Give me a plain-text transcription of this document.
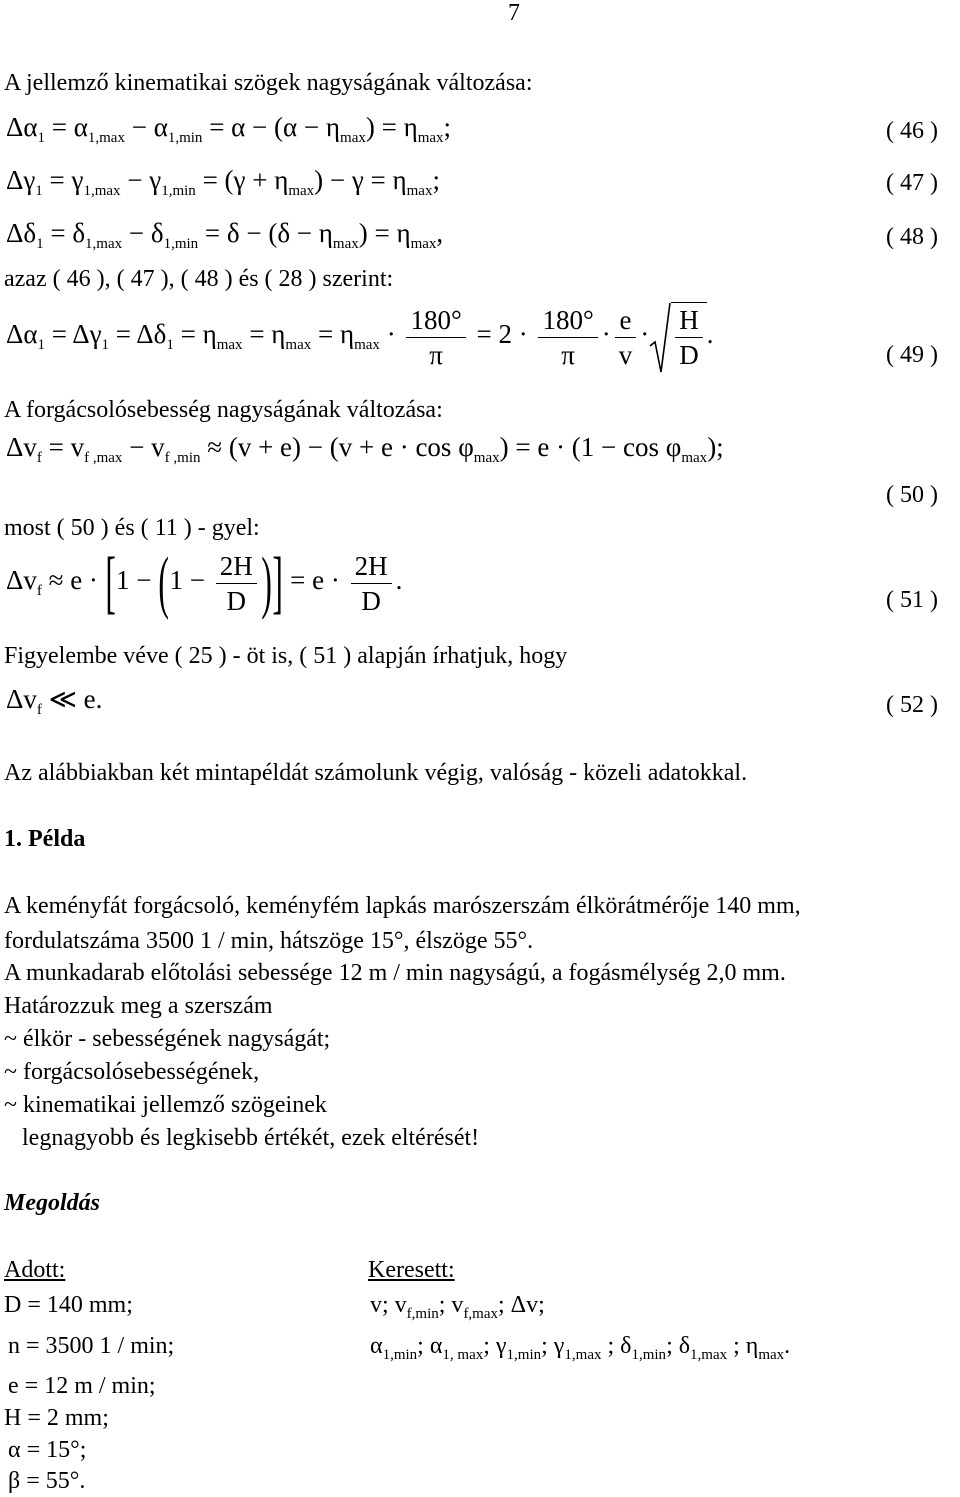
7
A jellemző kinematikai szögek nagyságának változása:
$\Delta\alpha_1 = \alpha_{1,max} - \alpha_{1,min} = \alpha - (\alpha - \eta_{max}) = \eta_{max}$;	( 46 )
$\Delta\gamma_1 = \gamma_{1,max} - \gamma_{1,min} = (\gamma + \eta_{max}) - \gamma = \eta_{max}$;	( 47 )
$\Delta\delta_1 = \delta_{1,max} - \delta_{1,min} = \delta - (\delta - \eta_{max}) = \eta_{max}$,	( 48 )
azaz ( 46 ), ( 47 ), ( 48 ) és ( 28 ) szerint:
$\Delta\alpha_1 = \Delta\gamma_1 = \Delta\delta_1 = \eta_{max} = \eta_{max} = \eta_{max} \cdot \frac{180^\circ}{\pi} = 2 \cdot \frac{180^\circ}{\pi} \cdot \frac{e}{v} \cdot \frac{H}{D}$ .
( 49 )
A forgácsolósebesség nagyságának változása:
$\Delta v_f = v_{f ,max} - v_{f ,min} \approx (v + e) - (v + e \cdot \cos \varphi_{max}) = e \cdot (1 - \cos \varphi_{max})$;
( 50 )
most ( 50 ) és ( 11 ) - gyel:
$\Delta v_f \approx e \cdot [1 - (1 - \frac{2H}{D}$ )] = $e \cdot \frac{2H}{D}$ .
( 51 )
Figyelembe véve ( 25 ) - öt is, ( 51 ) alapján írhatjuk, hogy
$\Delta v_f$ ≪ e.	( 52 )
Az alábbiakban két mintapéldát számolunk végig, valóság - közeli adatokkal.
1. Példa
A keményfát forgácsoló, keményfém lapkás marószerszám élkörátmérője 140 mm,
fordulatszáma 3500 1 / min, hátszöge 15°, élszöge 55°.
A munkadarab előtolási sebessége 12 m / min nagyságú, a fogásmélység 2,0 mm.
Határozzuk meg a szerszám
~ élkör - sebességének nagyságát;
~ forgácsolósebességének,
~ kinematikai jellemző szögeinek
legnagyobb és legkisebb értékét, ezek eltérését!
Megoldás
Adott:	Keresett:
D = 140 mm;	v; $v_{f,min}$; $v_{f,max}$; Δv;
n = 3500 1 / min;	$\alpha_{1,min}$; $\alpha_{1, max}$; $\gamma_{1,min}$; $\gamma_{1,max}$ ; $\delta_{1,min}$; $\delta_{1,max}$ ; $\eta_{max}$.
e = 12 m / min;
H = 2 mm;
α = 15°;
β = 55°.
